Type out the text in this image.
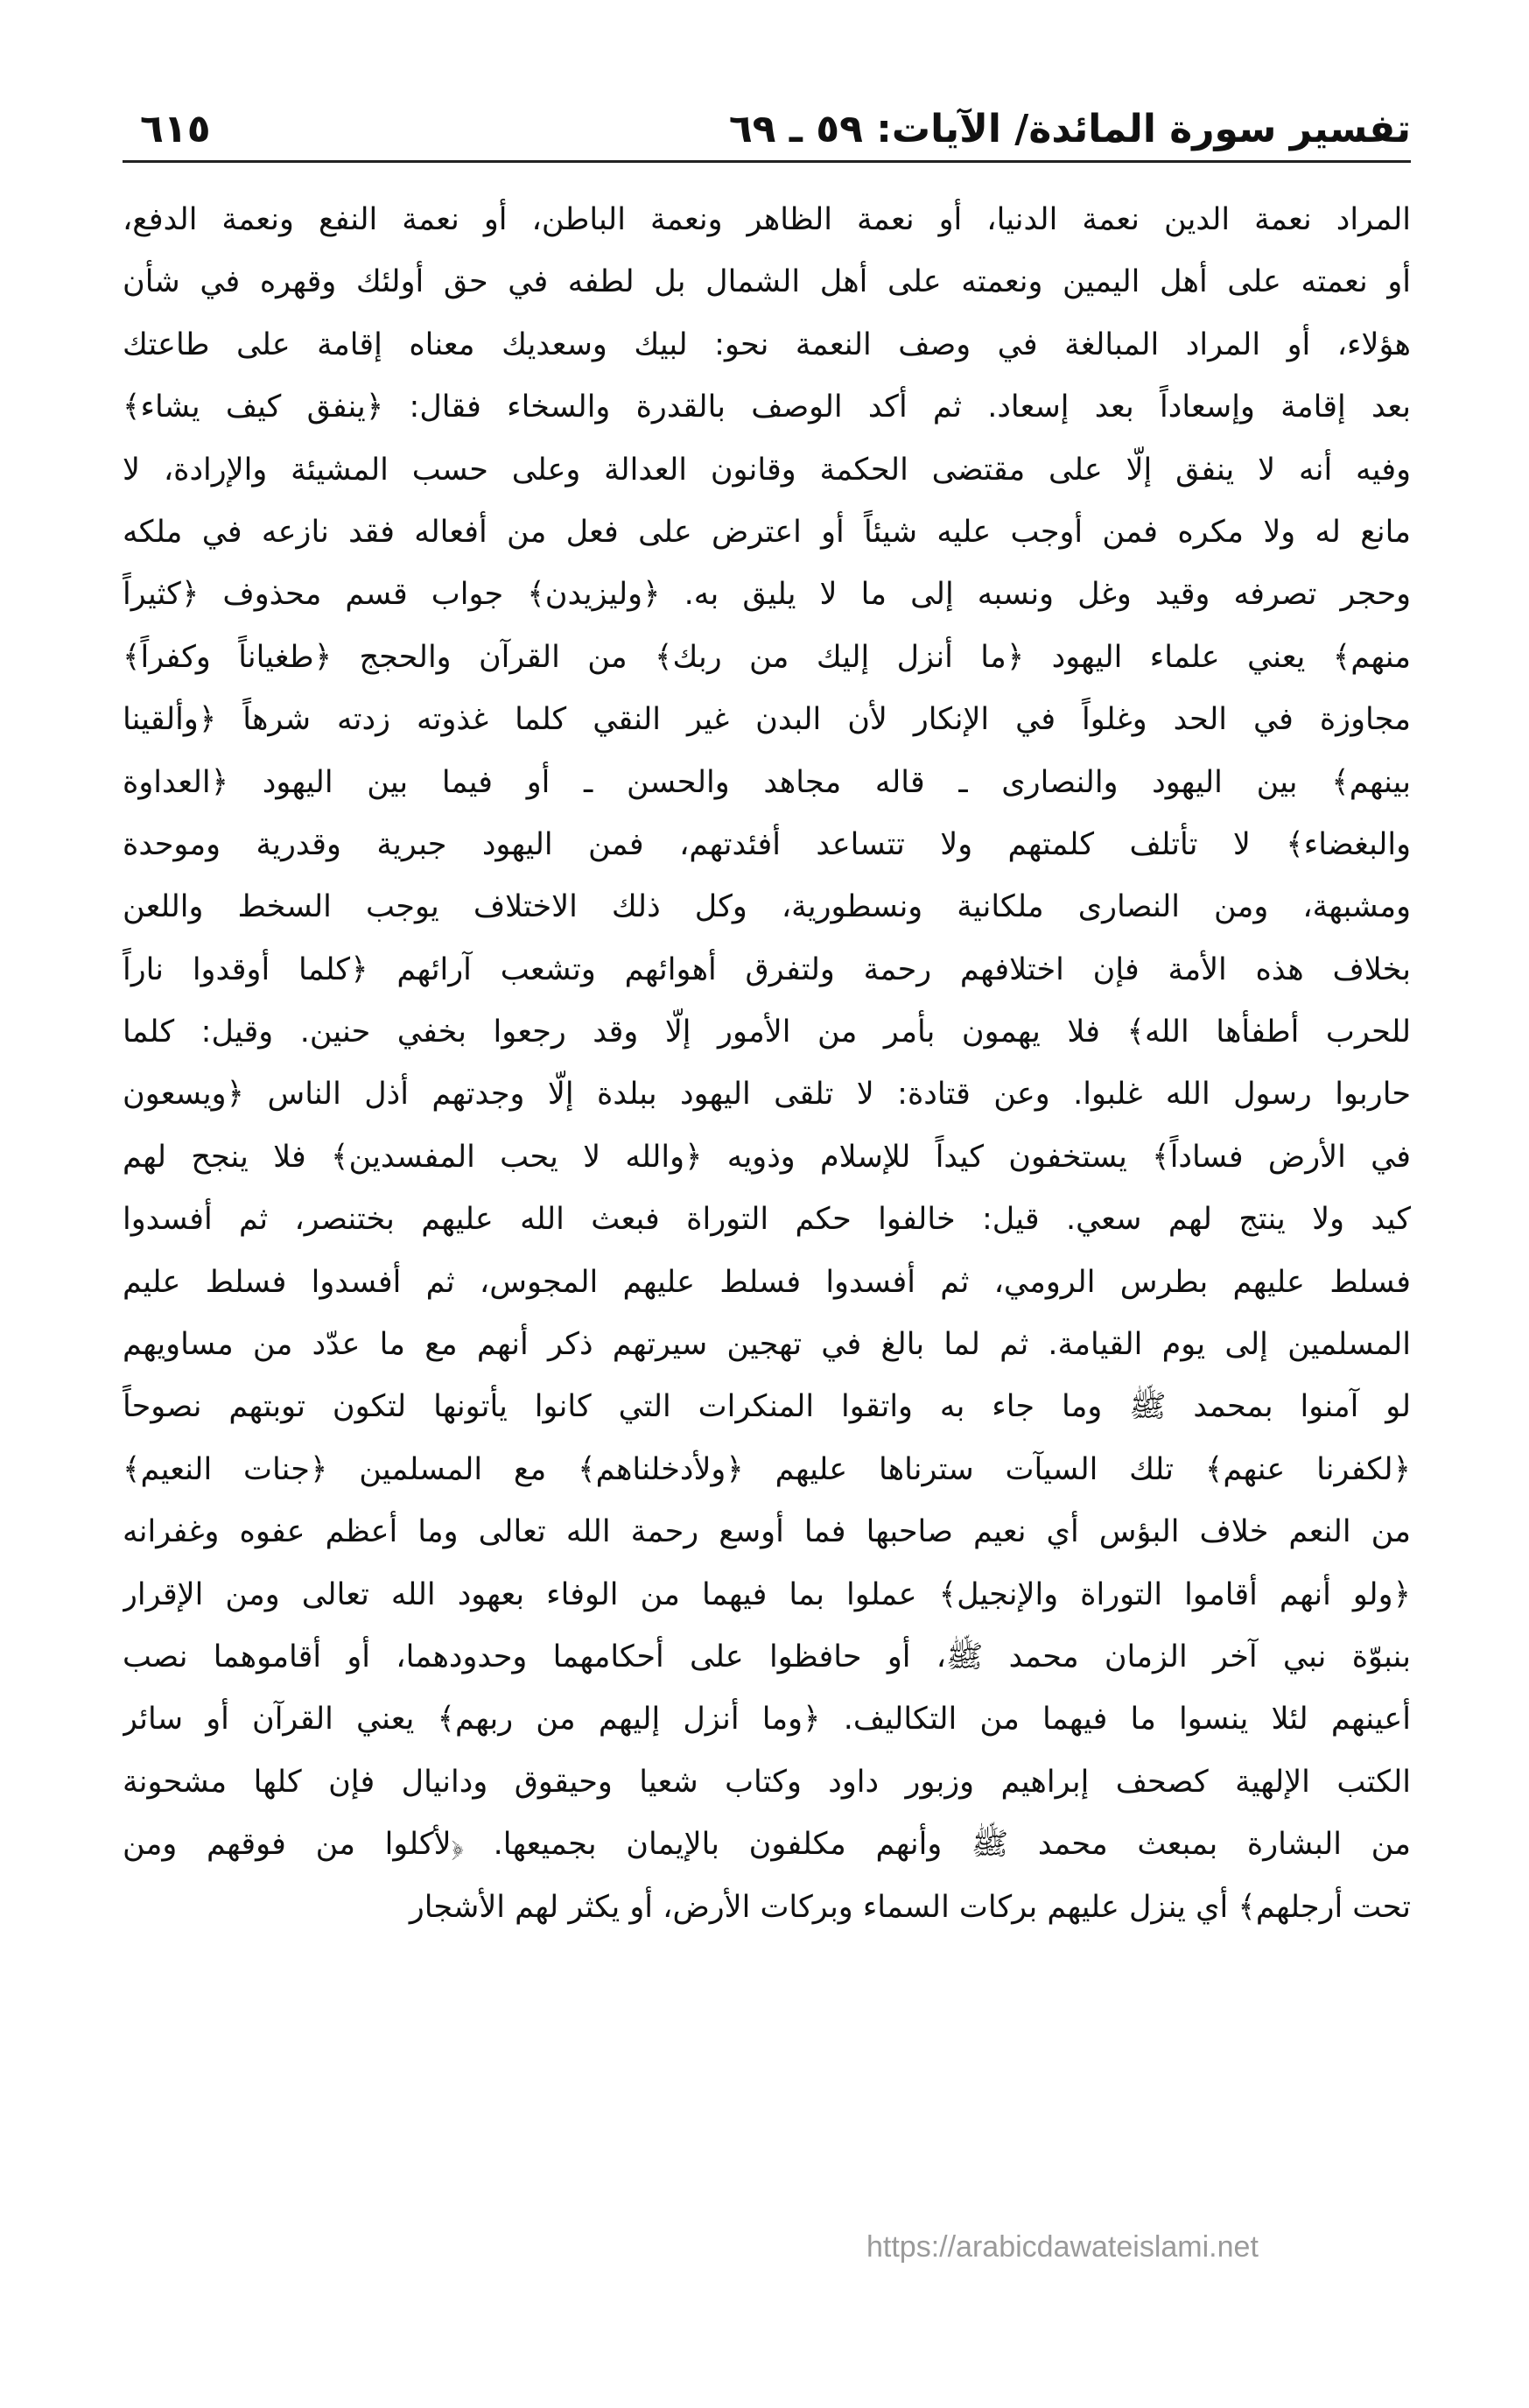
تفسير سورة المائدة/ الآيات: ٥٩ ـ ٦٩
٦١٥
المراد نعمة الدين نعمة الدنيا، أو نعمة الظاهر ونعمة الباطن، أو نعمة النفع ونعمة الدفع،
أو نعمته على أهل اليمين ونعمته على أهل الشمال بل لطفه في حق أولئك وقهره في شأن
هؤلاء، أو المراد المبالغة في وصف النعمة نحو: لبيك وسعديك معناه إقامة على طاعتك
بعد إقامة وإسعاداً بعد إسعاد. ثم أكد الوصف بالقدرة والسخاء فقال: ﴿ينفق كيف يشاء﴾
وفيه أنه لا ينفق إلّا على مقتضى الحكمة وقانون العدالة وعلى حسب المشيئة والإرادة، لا
مانع له ولا مكره فمن أوجب عليه شيئاً أو اعترض على فعل من أفعاله فقد نازعه في ملكه
وحجر تصرفه وقيد وغل ونسبه إلى ما لا يليق به. ﴿وليزيدن﴾ جواب قسم محذوف ﴿كثيراً
منهم﴾ يعني علماء اليهود ﴿ما أنزل إليك من ربك﴾ من القرآن والحجج ﴿طغياناً وكفراً﴾
مجاوزة في الحد وغلواً في الإنكار لأن البدن غير النقي كلما غذوته زدته شرهاً ﴿وألقينا
بينهم﴾ بين اليهود والنصارى ـ قاله مجاهد والحسن ـ أو فيما بين اليهود ﴿العداوة
والبغضاء﴾ لا تأتلف كلمتهم ولا تتساعد أفئدتهم، فمن اليهود جبرية وقدرية وموحدة
ومشبهة، ومن النصارى ملكانية ونسطورية، وكل ذلك الاختلاف يوجب السخط واللعن
بخلاف هذه الأمة فإن اختلافهم رحمة ولتفرق أهوائهم وتشعب آرائهم ﴿كلما أوقدوا ناراً
للحرب أطفأها الله﴾ فلا يهمون بأمر من الأمور إلّا وقد رجعوا بخفي حنين. وقيل: كلما
حاربوا رسول الله غلبوا. وعن قتادة: لا تلقى اليهود ببلدة إلّا وجدتهم أذل الناس ﴿ويسعون
في الأرض فساداً﴾ يستخفون كيداً للإسلام وذويه ﴿والله لا يحب المفسدين﴾ فلا ينجح لهم
كيد ولا ينتج لهم سعي. قيل: خالفوا حكم التوراة فبعث الله عليهم بختنصر، ثم أفسدوا
فسلط عليهم بطرس الرومي، ثم أفسدوا فسلط عليهم المجوس، ثم أفسدوا فسلط عليم
المسلمين إلى يوم القيامة. ثم لما بالغ في تهجين سيرتهم ذكر أنهم مع ما عدّد من مساويهم
لو آمنوا بمحمد ﷺ وما جاء به واتقوا المنكرات التي كانوا يأتونها لتكون توبتهم نصوحاً
﴿لكفرنا عنهم﴾ تلك السيآت سترناها عليهم ﴿ولأدخلناهم﴾ مع المسلمين ﴿جنات النعيم﴾
من النعم خلاف البؤس أي نعيم صاحبها فما أوسع رحمة الله تعالى وما أعظم عفوه وغفرانه
﴿ولو أنهم أقاموا التوراة والإنجيل﴾ عملوا بما فيهما من الوفاء بعهود الله تعالى ومن الإقرار
بنبوّة نبي آخر الزمان محمد ﷺ، أو حافظوا على أحكامهما وحدودهما، أو أقاموهما نصب
أعينهم لئلا ينسوا ما فيهما من التكاليف. ﴿وما أنزل إليهم من ربهم﴾ يعني القرآن أو سائر
الكتب الإلهية كصحف إبراهيم وزبور داود وكتاب شعيا وحيقوق ودانيال فإن كلها مشحونة
من البشارة بمبعث محمد ﷺ وأنهم مكلفون بالإيمان بجميعها. ﴿لأكلوا من فوقهم ومن
تحت أرجلهم﴾ أي ينزل عليهم بركات السماء وبركات الأرض، أو يكثر لهم الأشجار
https://arabicdawateislami.net
